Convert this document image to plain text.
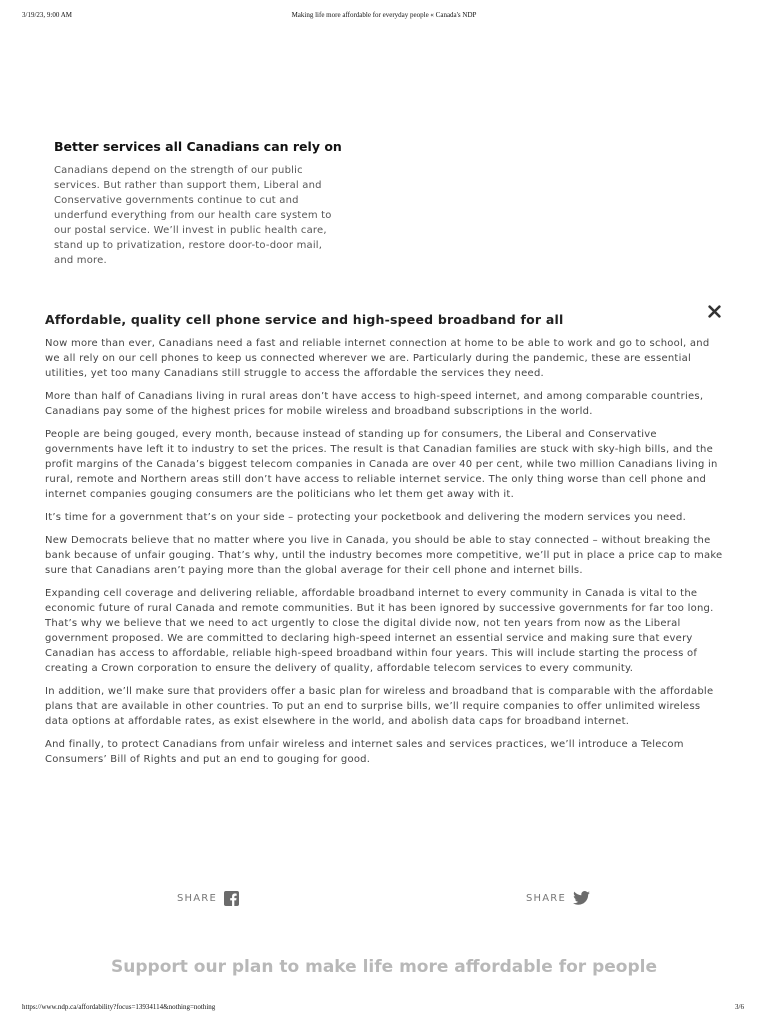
3/19/23, 9:00 AM	Making life more affordable for everyday people « Canada's NDP
Better services all Canadians can rely on

Canadians depend on the strength of our public services. But rather than support them, Liberal and Conservative governments continue to cut and underfund everything from our health care system to our postal service. We’ll invest in public health care, stand up to privatization, restore door-to-door mail, and more.

Affordable, quality cell phone service and high-speed broadband for all

Now more than ever, Canadians need a fast and reliable internet connection at home to be able to work and go to school, and we all rely on our cell phones to keep us connected wherever we are. Particularly during the pandemic, these are essential utilities, yet too many Canadians still struggle to access the affordable the services they need.

More than half of Canadians living in rural areas don’t have access to high-speed internet, and among comparable countries, Canadians pay some of the highest prices for mobile wireless and broadband subscriptions in the world.

People are being gouged, every month, because instead of standing up for consumers, the Liberal and Conservative governments have left it to industry to set the prices. The result is that Canadian families are stuck with sky-high bills, and the profit margins of the Canada’s biggest telecom companies in Canada are over 40 per cent, while two million Canadians living in rural, remote and Northern areas still don’t have access to reliable internet service. The only thing worse than cell phone and internet companies gouging consumers are the politicians who let them get away with it.

It’s time for a government that’s on your side – protecting your pocketbook and delivering the modern services you need.

New Democrats believe that no matter where you live in Canada, you should be able to stay connected – without breaking the bank because of unfair gouging. That’s why, until the industry becomes more competitive, we’ll put in place a price cap to make sure that Canadians aren’t paying more than the global average for their cell phone and internet bills.

Expanding cell coverage and delivering reliable, affordable broadband internet to every community in Canada is vital to the economic future of rural Canada and remote communities. But it has been ignored by successive governments for far too long. That’s why we believe that we need to act urgently to close the digital divide now, not ten years from now as the Liberal government proposed. We are committed to declaring high-speed internet an essential service and making sure that every Canadian has access to affordable, reliable high-speed broadband within four years. This will include starting the process of creating a Crown corporation to ensure the delivery of quality, affordable telecom services to every community.

In addition, we’ll make sure that providers offer a basic plan for wireless and broadband that is comparable with the affordable plans that are available in other countries. To put an end to surprise bills, we’ll require companies to offer unlimited wireless data options at affordable rates, as exist elsewhere in the world, and abolish data caps for broadband internet.

And finally, to protect Canadians from unfair wireless and internet sales and services practices, we’ll introduce a Telecom Consumers’ Bill of Rights and put an end to gouging for good.

SHARE	SHARE
Support our plan to make life more affordable for people
https://www.ndp.ca/affordability?focus=13934114&nothing=nothing	3/6
